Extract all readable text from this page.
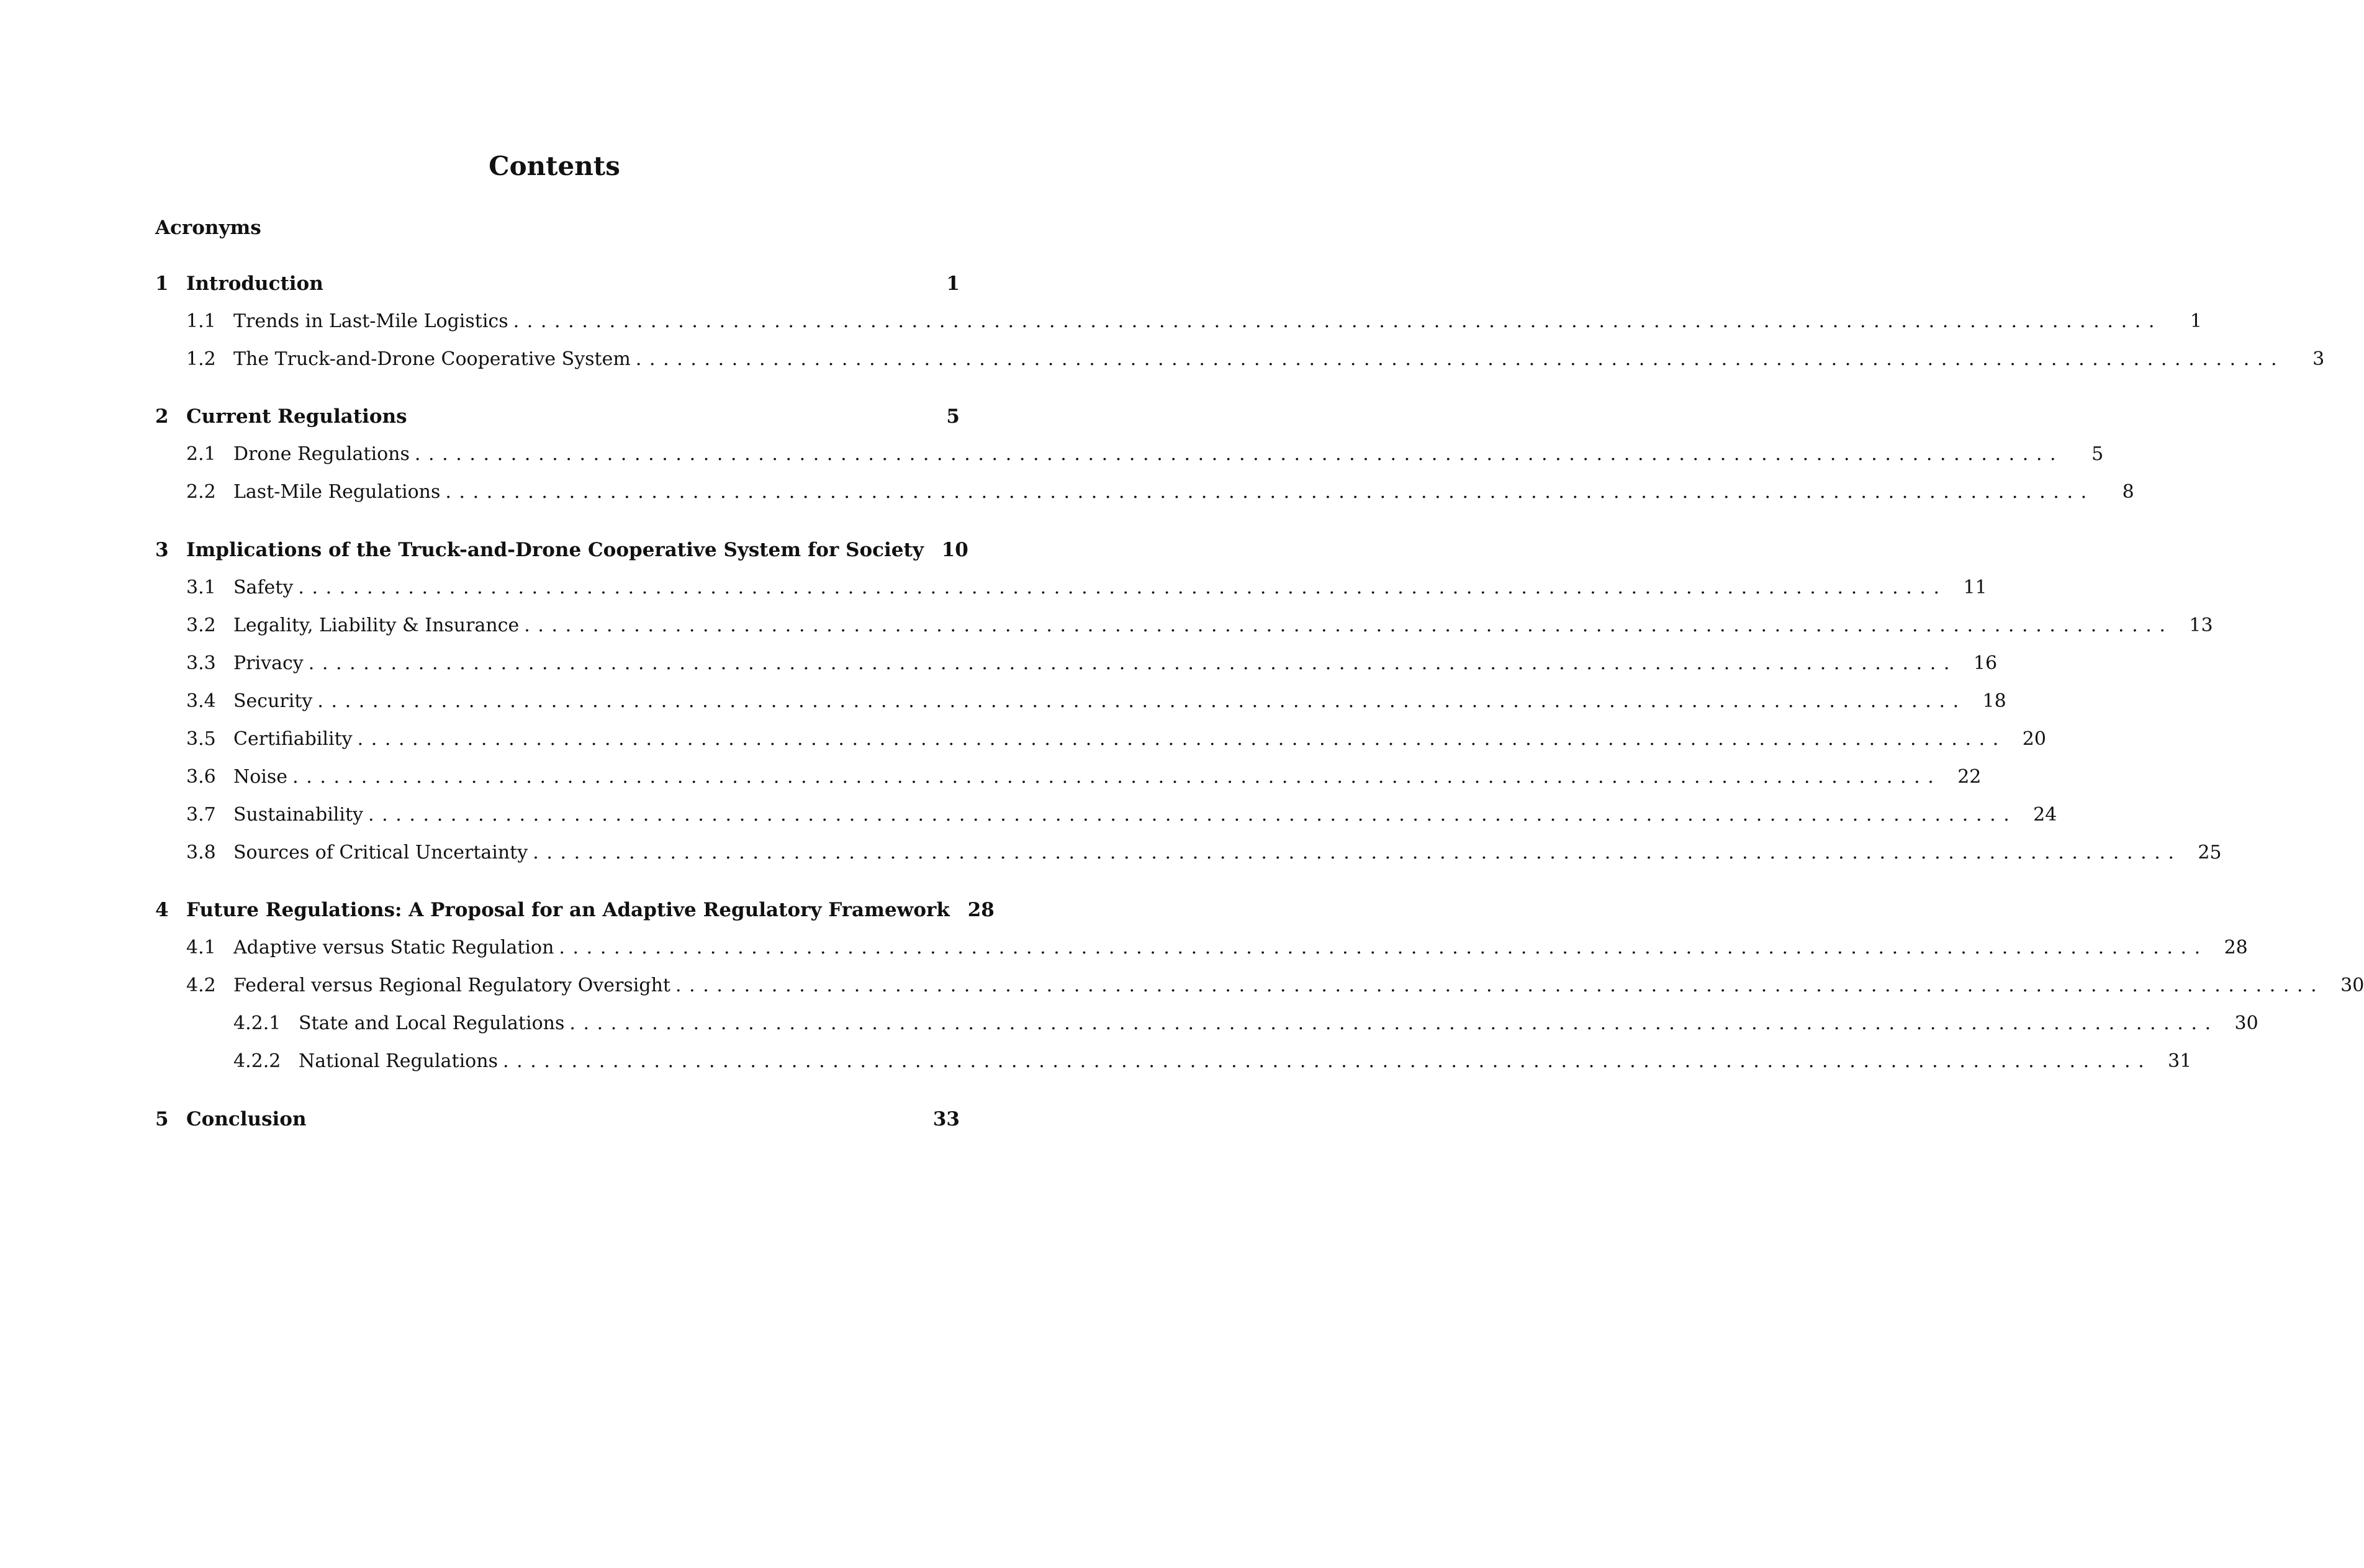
Contents
Acronyms
1 Introduction	1
1.1 Trends in Last-Mile Logistics ........................................................................................................................	1
1.2 The Truck-and-Drone Cooperative System ........................................................................................................................	3
2 Current Regulations	5
2.1 Drone Regulations ........................................................................................................................	5
2.2 Last-Mile Regulations ........................................................................................................................	8
3 Implications of the Truck-and-Drone Cooperative System for Society 10
3.1 Safety ........................................................................................................................ 11
3.2 Legality, Liability & Insurance ........................................................................................................................ 13
3.3 Privacy ........................................................................................................................ 16
3.4 Security ........................................................................................................................ 18
3.5 Certifiability ........................................................................................................................ 20
3.6 Noise ........................................................................................................................ 22
3.7 Sustainability ........................................................................................................................ 24
3.8 Sources of Critical Uncertainty ........................................................................................................................ 25
4 Future Regulations: A Proposal for an Adaptive Regulatory Framework 28
4.1 Adaptive versus Static Regulation ........................................................................................................................ 28
4.2 Federal versus Regional Regulatory Oversight ........................................................................................................................ 30
4.2.1 State and Local Regulations ........................................................................................................................ 30
4.2.2 National Regulations ........................................................................................................................ 31
5 Conclusion	33
